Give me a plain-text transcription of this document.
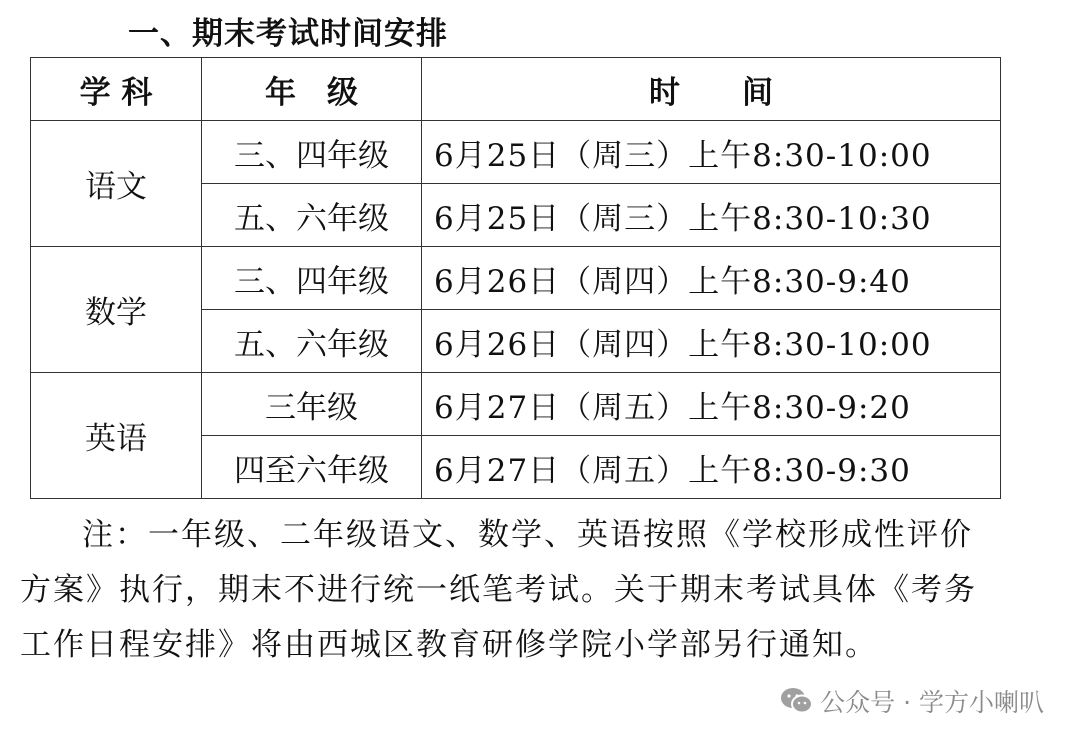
一、期末考试时间安排
学 科	年　级	时　　间
语文	三、四年级	6月25日（周三）上午8:30-10:00
	五、六年级	6月25日（周三）上午8:30-10:30
数学	三、四年级	6月26日（周四）上午8:30-9:40
	五、六年级	6月26日（周四）上午8:30-10:00
英语	三年级	6月27日（周五）上午8:30-9:20
	四至六年级	6月27日（周五）上午8:30-9:30

注：一年级、二年级语文、数学、英语按照《学校形成性评价方案》执行，期末不进行统一纸笔考试。关于期末考试具体《考务工作日程安排》将由西城区教育研修学院小学部另行通知。

公众号 · 学方小喇叭
